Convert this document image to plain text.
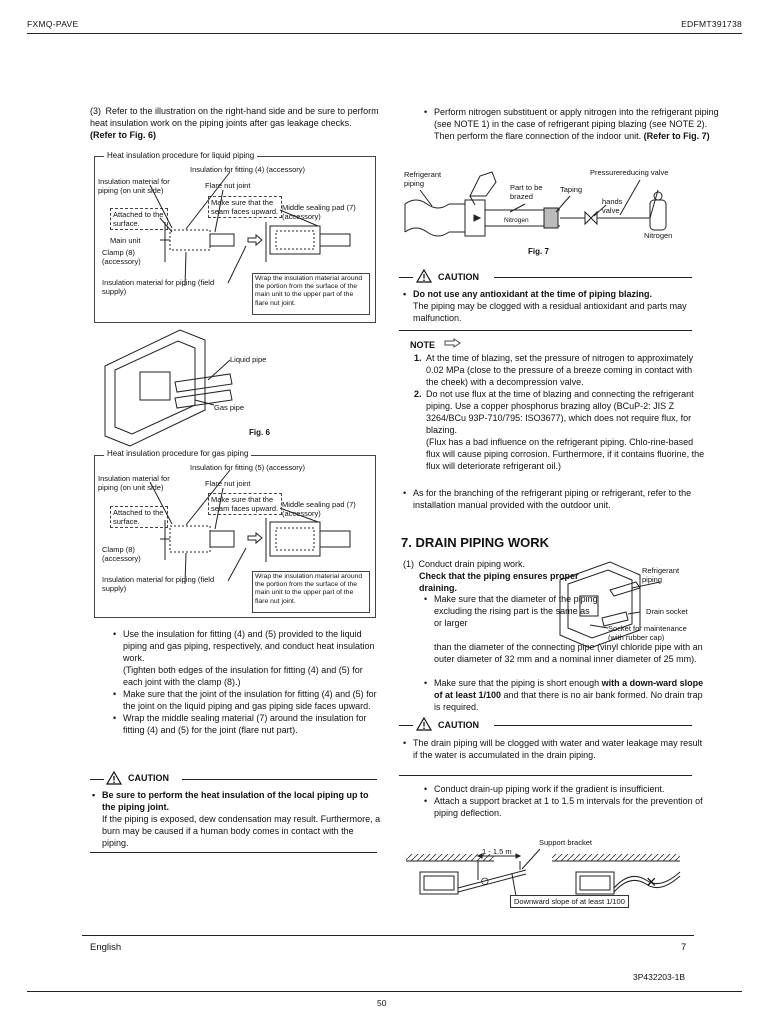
FXMQ-PAVE	EDFMT391738
(3) Refer to the illustration on the right-hand side and be sure to perform heat insulation work on the piping joints after gas leakage checks. (Refer to Fig. 6)
Heat insulation procedure for liquid piping
Insulation for fitting (4) (accessory)
Insulation material for piping (on unit side)
Flare nut joint
Make sure that the seam faces upward.
Attached to the surface.
Middle sealing pad (7) (accessory)
Main unit
Clamp (8) (accessory)
Insulation material for piping (field supply)
Wrap the insulation material around the portion from the surface of the main unit to the upper part of the flare nut joint.
Liquid pipe
Gas pipe
Fig. 6
Heat insulation procedure for gas piping
Insulation for fitting (5) (accessory)
Insulation material for piping (on unit side)	Flare nut joint
Make sure that the seam faces upward.
Attached to the surface.
Middle sealing pad (7) (accessory)
Clamp (8) (accessory)
Insulation material for piping (field supply)
Wrap the insulation material around the portion from the surface of the main unit to the upper part of the flare nut joint.
• Use the insulation for fitting (4) and (5) provided to the liquid piping and gas piping, respectively, and conduct heat insulation work.
(Tighten both edges of the insulation for fitting (4) and (5) for each joint with the clamp (8).)
• Make sure that the joint of the insulation for fitting (4) and (5) for the joint on the liquid piping and gas piping side faces upward.
• Wrap the middle sealing material (7) around the insulation for fitting (4) and (5) for the joint (flare nut part).
CAUTION
• Be sure to perform the heat insulation of the local piping up to the piping joint.
If the piping is exposed, dew condensation may result. Furthermore, a burn may be caused if a human body comes in contact with the piping.
• Perform nitrogen substituent or apply nitrogen into the refrigerant piping (see NOTE 1) in the case of refrigerant piping blazing (see NOTE 2). Then perform the flare connection of the indoor unit. (Refer to Fig. 7)
Refrigerant piping	Part to be brazed
Taping
Pressurereducing valve
hands valve
Nitrogen
Nitrogen
Fig. 7
CAUTION
• Do not use any antioxidant at the time of piping blazing.
The piping may be clogged with a residual antioxidant and parts may malfunction.
NOTE
1. At the time of blazing, set the pressure of nitrogen to approximately 0.02 MPa (close to the pressure of a breeze coming in contact with the cheek) with a decompression valve.
2. Do not use flux at the time of blazing and connecting the refrigerant piping. Use a copper phosphorus brazing alloy (BCuP-2: JIS Z 3264/BCu 93P-710/795: ISO3677), which does not require flux, for blazing.
(Flux has a bad influence on the refrigerant piping. Chlo-rine-based flux will cause piping corrosion. Furthermore, if it contains fluorine, the flux will deteriorate refrigerant oil.)
• As for the branching of the refrigerant piping or refrigerant, refer to the installation manual provided with the outdoor unit.
7. DRAIN PIPING WORK
(1) Conduct drain piping work.
Check that the piping ensures proper draining.
• Make sure that the diameter of the piping excluding the rising part is the same as or larger
than the diameter of the connecting pipe (vinyl chloride pipe with an outer diameter of 32 mm and a nominal inner diameter of 25 mm).
• Make sure that the piping is short enough with a down-ward slope of at least 1/100 and that there is no air bank formed. No drain trap is required.
Refrigerant piping
Drain socket
Socket for maintenance (with rubber cap)
CAUTION
• The drain piping will be clogged with water and water leakage may result if the water is accumulated in the drain piping.
• Conduct drain-up piping work if the gradient is insufficient.
• Attach a support bracket at 1 to 1.5 m intervals for the prevention of piping deflection.
Support bracket
1 - 1.5 m
○	×
Downward slope of at least 1/100
English	7
3P432203-1B
50
